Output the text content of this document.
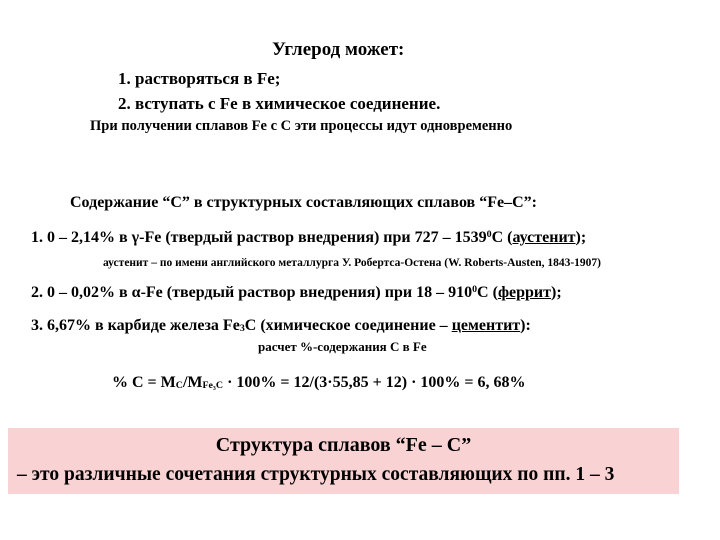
Углерод может:
1. растворяться в Fe;
2. вступать с Fe в химическое соединение.
При получении сплавов Fe с С эти процессы идут одновременно
Содержание “С” в структурных составляющих сплавов “Fe–C”:
1. 0 – 2,14% в γ-Fe (твердый раствор внедрения) при 727 – 1539$^0$C (аустенит);
аустенит – по имени английского металлурга У. Робертса-Остена (W. Roberts-Austen, 1843-1907)
2. 0 – 0,02% в α-Fe (твердый раствор внедрения) при $18 - 910^0C$ (феррит);
3. 6,67% в карбиде железа Fe3C (химическое соединение – цементит):
расчет %-содержания С в Fe
% C = MC/MFe₃C · 100% = 12/(3·55,85 + 12) · 100% = 6, 68%
Структура сплавов “Fe – C”
– это различные сочетания структурных составляющих по пп. 1 – 3
